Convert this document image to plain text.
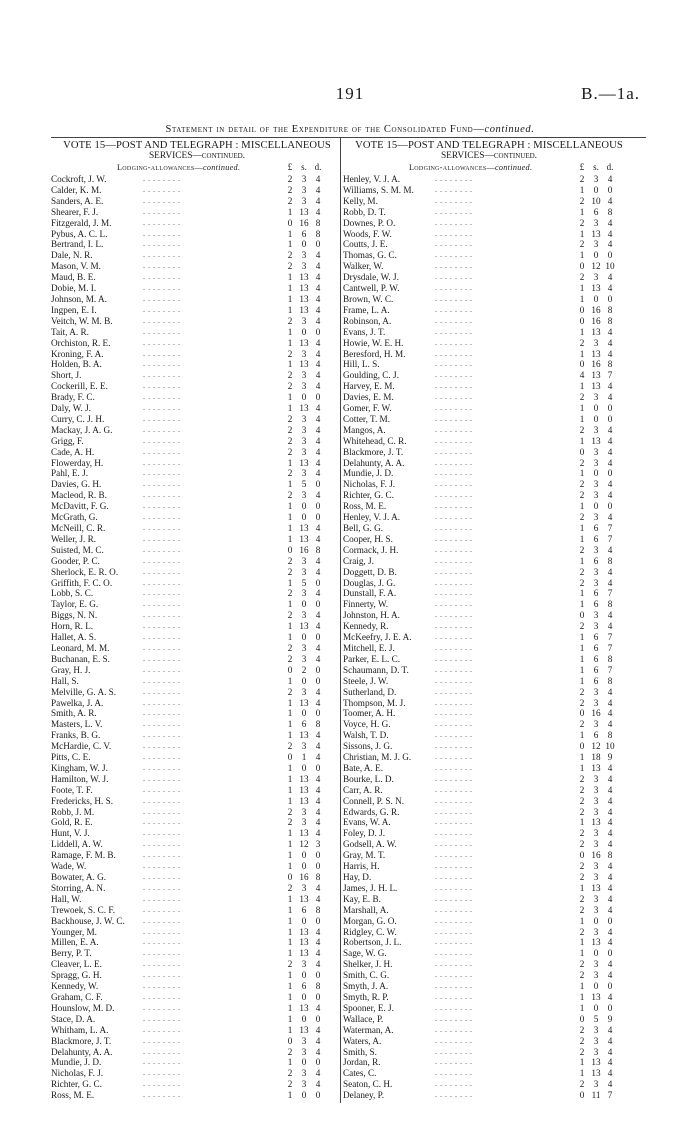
191	B.—1a.
Statement in detail of the Expenditure of the Consolidated Fund—continued.
VOTE 15—POST AND TELEGRAPH : MISCELLANEOUS
SERVICES—continued.
Lodging-allowances—continued.	£ s. d.
Cockroft, J. W.	. . . . . . . .	2 3 4
Calder, K. M.	. . . . . . . .	2 3 4
Sanders, A. E.	. . . . . . . .	2 3 4
Shearer, F. J.	. . . . . . . .	1 13 4
Fitzgerald, J. M.	. . . . . . . .	0 16 8
Pybus, A. C. L.	. . . . . . . .	1 6 8
Bertrand, I. L.	. . . . . . . .	1 0 0
Dale, N. R.	. . . . . . . .	2 3 4
Mason, V. M.	. . . . . . . .	2 3 4
Maud, B. E.	. . . . . . . .	1 13 4
Dobie, M. I.	. . . . . . . .	1 13 4
Johnson, M. A.	. . . . . . . .	1 13 4
Ingpen, E. I.	. . . . . . . .	1 13 4
Veitch, W. M. B.	. . . . . . . .	2 3 4
Tait, A. R.	. . . . . . . .	1 0 0
Orchiston, R. E.	. . . . . . . .	1 13 4
Kroning, F. A.	. . . . . . . .	2 3 4
Holden, B. A.	. . . . . . . .	1 13 4
Short, J.	. . . . . . . .	2 3 4
Cockerill, E. E.	. . . . . . . .	2 3 4
Brady, F. C.	. . . . . . . .	1 0 0
Daly, W. J.	. . . . . . . .	1 13 4
Curry, C. J. H.	. . . . . . . .	2 3 4
Mackay, J. A. G.	. . . . . . . .	2 3 4
Grigg, F.	. . . . . . . .	2 3 4
Cade, A. H.	. . . . . . . .	2 3 4
Flowerday, H.	. . . . . . . .	1 13 4
Pahl, E. J.	. . . . . . . .	2 3 4
Davies, G. H.	. . . . . . . .	1 5 0
Macleod, R. B.	. . . . . . . .	2 3 4
McDavitt, F. G.	. . . . . . . .	1 0 0
McGrath, G.	. . . . . . . .	1 0 0
McNeill, C. R.	. . . . . . . .	1 13 4
Weller, J. R.	. . . . . . . .	1 13 4
Suisted, M. C.	. . . . . . . .	0 16 8
Gooder, P. C.	. . . . . . . .	2 3 4
Sherlock, E. R. O.	. . . . . . . .	2 3 4
Griffith, F. C. O.	. . . . . . . .	1 5 0
Lobb, S. C.	. . . . . . . .	2 3 4
Taylor, E. G.	. . . . . . . .	1 0 0
Biggs, N. N.	. . . . . . . .	2 3 4
Horn, R. L.	. . . . . . . .	1 13 4
Hallet, A. S.	. . . . . . . .	1 0 0
Leonard, M. M.	. . . . . . . .	2 3 4
Buchanan, E. S.	. . . . . . . .	2 3 4
Gray, H. J.	. . . . . . . .	0 2 0
Hall, S.	. . . . . . . .	1 0 0
Melville, G. A. S.	. . . . . . . .	2 3 4
Pawelka, J. A.	. . . . . . . .	1 13 4
Smith, A. R.	. . . . . . . .	1 0 0
Masters, L. V.	. . . . . . . .	1 6 8
Franks, B. G.	. . . . . . . .	1 13 4
McHardie, C. V.	. . . . . . . .	2 3 4
Pitts, C. E.	. . . . . . . .	0 1 4
Kingham, W. J.	. . . . . . . .	1 0 0
Hamilton, W. J.	. . . . . . . .	1 13 4
Foote, T. F.	. . . . . . . .	1 13 4
Fredericks, H. S.	. . . . . . . .	1 13 4
Robb, J. M.	. . . . . . . .	2 3 4
Gold, R. E.	. . . . . . . .	2 3 4
Hunt, V. J.	. . . . . . . .	1 13 4
Liddell, A. W.	. . . . . . . .	1 12 3
Ramage, F. M. B.	. . . . . . . .	1 0 0
Wade, W.	. . . . . . . .	1 0 0
Bowater, A. G.	. . . . . . . .	0 16 8
Storring, A. N.	. . . . . . . .	2 3 4
Hall, W.	. . . . . . . .	1 13 4
Trewoek, S. C. F.	. . . . . . . .	1 6 8
Backhouse, J. W. C. . . . . . . . .	1 0 0
Younger, M.	. . . . . . . .	1 13 4
Millen, E. A.	. . . . . . . .	1 13 4
Berry, P. T.	. . . . . . . .	1 13 4
Cleaver, L. E.	. . . . . . . .	2 3 4
Spragg, G. H.	. . . . . . . .	1 0 0
Kennedy, W.	. . . . . . . .	1 6 8
Graham, C. F.	. . . . . . . .	1 0 0
Hounslow, M. D.	. . . . . . . .	1 13 4
Stace, D. A.	. . . . . . . .	1 0 0
Whitham, L. A.	. . . . . . . .	1 13 4
Blackmore, J. T.	. . . . . . . .	0 3 4
Delahunty, A. A.	. . . . . . . .	2 3 4
Mundie, J. D.	. . . . . . . .	1 0 0
Nicholas, F. J.	. . . . . . . .	2 3 4
Richter, G. C.	. . . . . . . .	2 3 4
Ross, M. E.	. . . . . . . .	1 0 0
VOTE 15—POST AND TELEGRAPH : MISCELLANEOUS
SERVICES—continued.
Lodging-allowances—continued.	£ s. d.
Henley, V. J. A.	. . . . . . . .	2 3 4
Williams, S. M. M.	. . . . . . . .	1 0 0
Kelly, M.	. . . . . . . .	2 10 4
Robb, D. T.	. . . . . . . .	1 6 8
Downes, P. O.	. . . . . . . .	2 3 4
Woods, F. W.	. . . . . . . .	1 13 4
Coutts, J. E.	. . . . . . . .	2 3 4
Thomas, G. C.	. . . . . . . .	1 0 0
Walker, W.	. . . . . . . .	0 12 10
Drysdale, W. J.	. . . . . . . .	2 3 4
Cantwell, P. W.	. . . . . . . .	1 13 4
Brown, W. C.	. . . . . . . .	1 0 0
Frame, L. A.	. . . . . . . .	0 16 8
Robinson, A.	. . . . . . . .	0 16 8
Evans, J. T.	. . . . . . . .	1 13 4
Howie, W. E. H.	. . . . . . . .	2 3 4
Beresford, H. M.	. . . . . . . .	1 13 4
Hill, L. S.	. . . . . . . .	0 16 8
Goulding, C. J.	. . . . . . . .	4 13 7
Harvey, E. M.	. . . . . . . .	1 13 4
Davies, E. M.	. . . . . . . .	2 3 4
Gomer, F. W.	. . . . . . . .	1 0 0
Cotter, T. M.	. . . . . . . .	1 0 0
Mangos, A.	. . . . . . . .	2 3 4
Whitehead, C. R.	. . . . . . . .	1 13 4
Blackmore, J. T.	. . . . . . . .	0 3 4
Delahunty, A. A.	. . . . . . . .	2 3 4
Mundie, J. D.	. . . . . . . .	1 0 0
Nicholas, F. J.	. . . . . . . .	2 3 4
Richter, G. C.	. . . . . . . .	2 3 4
Ross, M. E.	. . . . . . . .	1 0 0
Henley, V. J. A.	. . . . . . . .	2 3 4
Bell, G. G.	. . . . . . . .	1 6 7
Cooper, H. S.	. . . . . . . .	1 6 7
Cormack, J. H.	. . . . . . . .	2 3 4
Craig, J.	. . . . . . . .	1 6 8
Doggett, D. B.	. . . . . . . .	2 3 4
Douglas, J. G.	. . . . . . . .	2 3 4
Dunstall, F. A.	. . . . . . . .	1 6 7
Finnerty, W.	. . . . . . . .	1 6 8
Johnston, H. A.	. . . . . . . .	0 3 4
Kennedy, R.	. . . . . . . .	2 3 4
McKeefry, J. E. A.	. . . . . . . .	1 6 7
Mitchell, E. J.	. . . . . . . .	1 6 7
Parker, E. L. C.	. . . . . . . .	1 6 8
Schaumann, D. T.	. . . . . . . .	1 6 7
Steele, J. W.	. . . . . . . .	1 6 8
Sutherland, D.	. . . . . . . .	2 3 4
Thompson, M. J.	. . . . . . . .	2 3 4
Toomer, A. H.	. . . . . . . .	0 16 4
Voyce, H. G.	. . . . . . . .	2 3 4
Walsh, T. D.	. . . . . . . .	1 6 8
Sissons, J. G.	. . . . . . . .	0 12 10
Christian, M. J. G.	. . . . . . . .	1 18 9
Bate, A. E.	. . . . . . . .	1 13 4
Bourke, L. D.	. . . . . . . .	2 3 4
Carr, A. R.	. . . . . . . .	2 3 4
Connell, P. S. N.	. . . . . . . .	2 3 4
Edwards, G. R.	. . . . . . . .	2 3 4
Evans, W. A.	. . . . . . . .	1 13 4
Foley, D. J.	. . . . . . . .	2 3 4
Godsell, A. W.	. . . . . . . .	2 3 4
Gray, M. T.	. . . . . . . .	0 16 8
Harris, H.	. . . . . . . .	2 3 4
Hay, D.	. . . . . . . .	2 3 4
James, J. H. L.	. . . . . . . .	1 13 4
Kay, E. B.	. . . . . . . .	2 3 4
Marshall, A.	. . . . . . . .	2 3 4
Morgan, G. O.	. . . . . . . .	1 0 0
Ridgley, C. W.	. . . . . . . .	2 3 4
Robertson, J. L.	. . . . . . . .	1 13 4
Sage, W. G.	. . . . . . . .	1 0 0
Shelker, J. H.	. . . . . . . .	2 3 4
Smith, C. G.	. . . . . . . .	2 3 4
Smyth, J. A.	. . . . . . . .	1 0 0
Smyth, R. P.	. . . . . . . .	1 13 4
Spooner, E. J.	. . . . . . . .	1 0 0
Wallace, P.	. . . . . . . .	0 5 9
Waterman, A.	. . . . . . . .	2 3 4
Waters, A.	. . . . . . . .	2 3 4
Smith, S.	. . . . . . . .	2 3 4
Jordan, R.	. . . . . . . .	1 13 4
Cates, C.	. . . . . . . .	1 13 4
Seaton, C. H.	. . . . . . . .	2 3 4
Delaney, P.	. . . . . . . .	0 11 7
